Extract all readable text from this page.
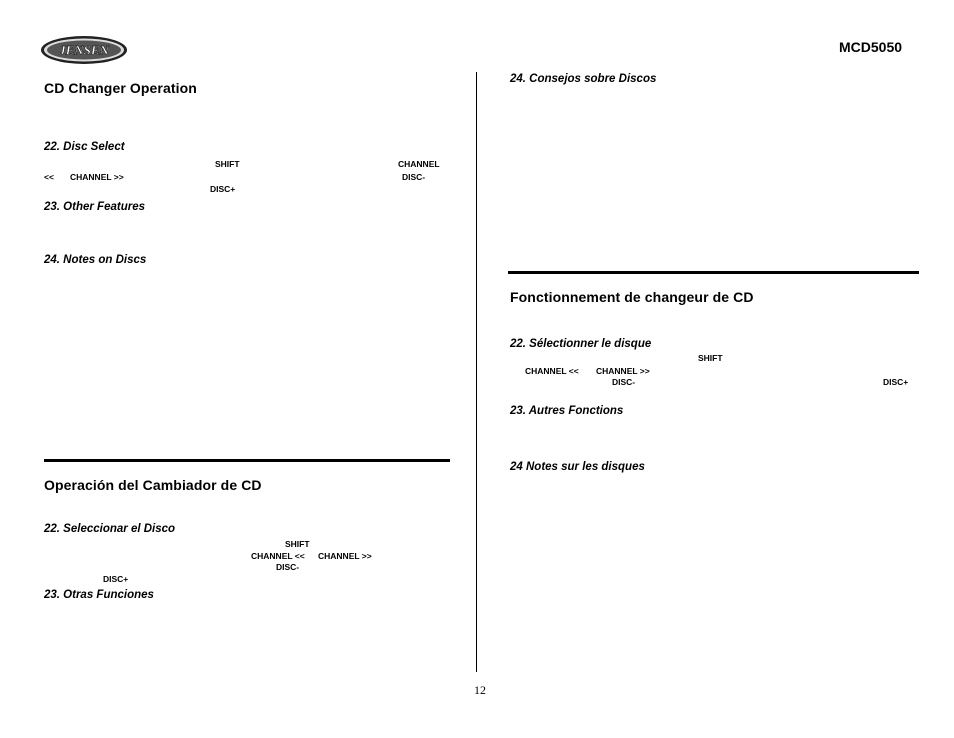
JENSEN	MCD5050
CD Changer Operation
22. Disc Select
SHIFT	CHANNEL
<< CHANNEL >>	DISC-
DISC+
23. Other Features
24. Notes on Discs
Operación del Cambiador de CD
22. Seleccionar el Disco
SHIFT
CHANNEL << CHANNEL >>
DISC-
DISC+
23. Otras Funciones
24. Consejos sobre Discos
Fonctionnement de changeur de CD
22. Sélectionner le disque
SHIFT
CHANNEL << CHANNEL >>
DISC-	DISC+
23. Autres Fonctions
24 Notes sur les disques
12
